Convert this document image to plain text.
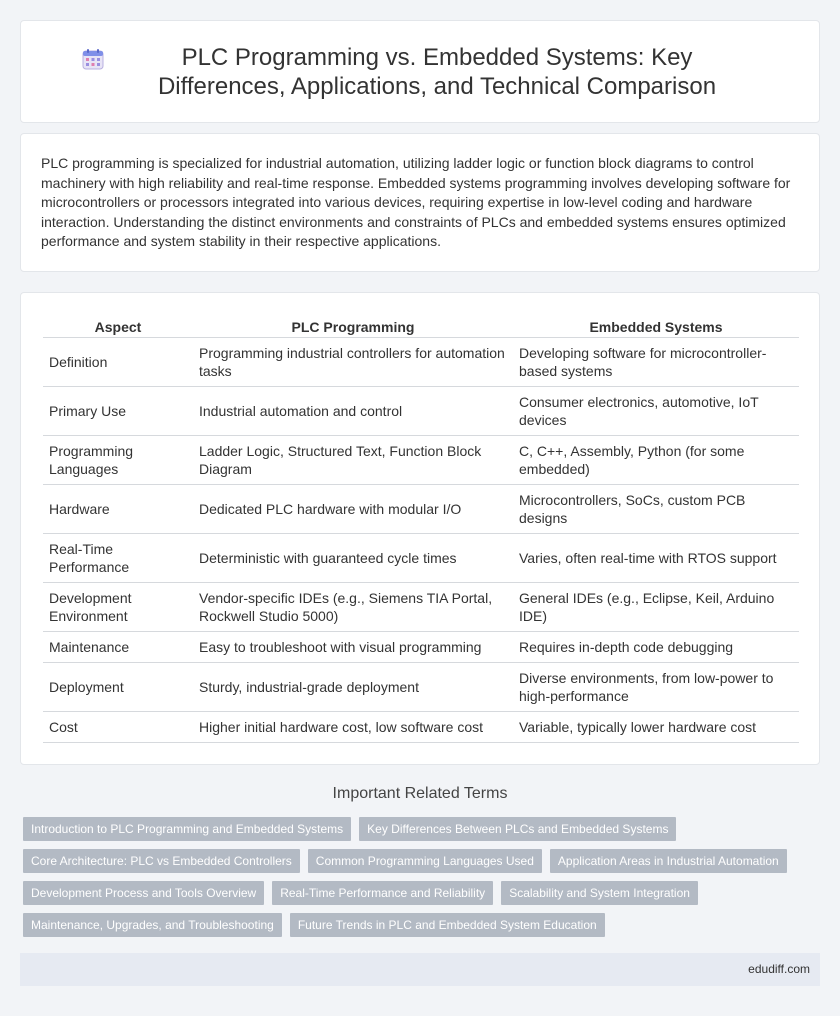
PLC Programming vs. Embedded Systems: Key Differences, Applications, and Technical Comparison

PLC programming is specialized for industrial automation, utilizing ladder logic or function block diagrams to control machinery with high reliability and real-time response. Embedded systems programming involves developing software for microcontrollers or processors integrated into various devices, requiring expertise in low-level coding and hardware interaction. Understanding the distinct environments and constraints of PLCs and embedded systems ensures optimized performance and system stability in their respective applications.

Aspect	PLC Programming	Embedded Systems
Definition	Programming industrial controllers for automation tasks	Developing software for microcontroller-based systems
Primary Use	Industrial automation and control	Consumer electronics, automotive, IoT devices
Programming Languages	Ladder Logic, Structured Text, Function Block Diagram	C, C++, Assembly, Python (for some embedded)
Hardware	Dedicated PLC hardware with modular I/O	Microcontrollers, SoCs, custom PCB designs
Real-Time Performance	Deterministic with guaranteed cycle times	Varies, often real-time with RTOS support
Development Environment	Vendor-specific IDEs (e.g., Siemens TIA Portal, Rockwell Studio 5000)	General IDEs (e.g., Eclipse, Keil, Arduino IDE)
Maintenance	Easy to troubleshoot with visual programming	Requires in-depth code debugging
Deployment	Sturdy, industrial-grade deployment	Diverse environments, from low-power to high-performance
Cost	Higher initial hardware cost, low software cost	Variable, typically lower hardware cost
Important Related Terms
Introduction to PLC Programming and Embedded Systems	Key Differences Between PLCs and Embedded Systems
Core Architecture: PLC vs Embedded Controllers	Common Programming Languages Used	Application Areas in Industrial Automation
Development Process and Tools Overview	Real-Time Performance and Reliability	Scalability and System Integration
Maintenance, Upgrades, and Troubleshooting	Future Trends in PLC and Embedded System Education
edudiff.com
